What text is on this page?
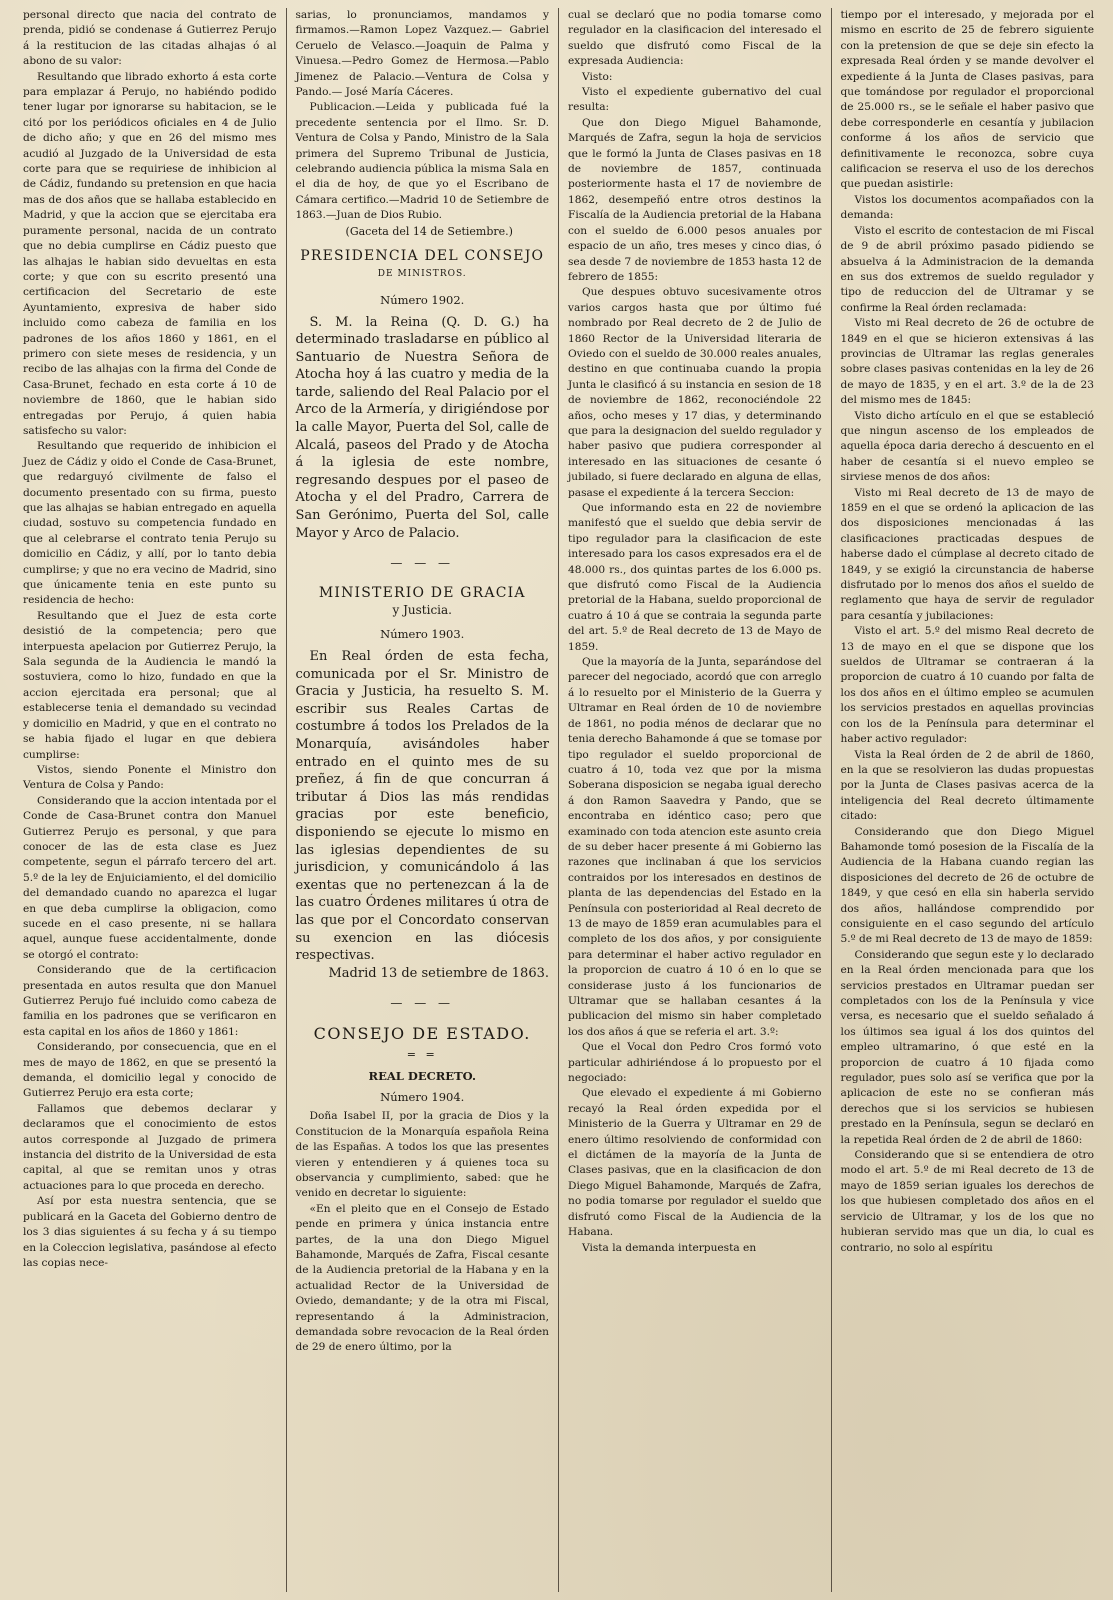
personal directo que nacia del contrato de prenda, pidió se condenase á Gutierrez Perujo á la restitucion de las citadas alhajas ó al abono de su valor:

Resultando que librado exhorto á esta corte para emplazar á Perujo, no habiéndo podido tener lugar por ignorarse su habitacion, se le citó por los periódicos oficiales en 4 de Julio de dicho año; y que en 26 del mismo mes acudió al Juzgado de la Universidad de esta corte para que se requiriese de inhibicion al de Cádiz, fundando su pretension en que hacia mas de dos años que se hallaba establecido en Madrid, y que la accion que se ejercitaba era puramente personal, nacida de un contrato que no debia cumplirse en Cádiz puesto que las alhajas le habian sido devueltas en esta corte; y que con su escrito presentó una certificacion del Secretario de este Ayuntamiento, expresiva de haber sido incluido como cabeza de familia en los padrones de los años 1860 y 1861, en el primero con siete meses de residencia, y un recibo de las alhajas con la firma del Conde de Casa-Brunet, fechado en esta corte á 10 de noviembre de 1860, que le habian sido entregadas por Perujo, á quien habia satisfecho su valor:

Resultando que requerido de inhibicion el Juez de Cádiz y oido el Conde de Casa-Brunet, que redarguyó civilmente de falso el documento presentado con su firma, puesto que las alhajas se habian entregado en aquella ciudad, sostuvo su competencia fundado en que al celebrarse el contrato tenia Perujo su domicilio en Cádiz, y allí, por lo tanto debia cumplirse; y que no era vecino de Madrid, sino que únicamente tenia en este punto su residencia de hecho:

Resultando que el Juez de esta corte desistió de la competencia; pero que interpuesta apelacion por Gutierrez Perujo, la Sala segunda de la Audiencia le mandó la sostuviera, como lo hizo, fundado en que la accion ejercitada era personal; que al establecerse tenia el demandado su vecindad y domicilio en Madrid, y que en el contrato no se habia fijado el lugar en que debiera cumplirse:

Vistos, siendo Ponente el Ministro don Ventura de Colsa y Pando:

Considerando que la accion intentada por el Conde de Casa-Brunet contra don Manuel Gutierrez Perujo es personal, y que para conocer de las de esta clase es Juez competente, segun el párrafo tercero del art. 5.º de la ley de Enjuiciamiento, el del domicilio del demandado cuando no aparezca el lugar en que deba cumplirse la obligacion, como sucede en el caso presente, ni se hallara aquel, aunque fuese accidentalmente, donde se otorgó el contrato:

Considerando que de la certificacion presentada en autos resulta que don Manuel Gutierrez Perujo fué incluido como cabeza de familia en los padrones que se verificaron en esta capital en los años de 1860 y 1861:

Considerando, por consecuencia, que en el mes de mayo de 1862, en que se presentó la demanda, el domicilio legal y conocido de Gutierrez Perujo era esta corte;

Fallamos que debemos declarar y declaramos que el conocimiento de estos autos corresponde al Juzgado de primera instancia del distrito de la Universidad de esta capital, al que se remitan unos y otras actuaciones para lo que proceda en derecho.

Así por esta nuestra sentencia, que se publicará en la Gaceta del Gobierno dentro de los 3 dias siguientes á su fecha y á su tiempo en la Coleccion legislativa, pasándose al efecto las copias nece-

sarias, lo pronunciamos, mandamos y firmamos.—Ramon Lopez Vazquez.— Gabriel Ceruelo de Velasco.—Joaquin de Palma y Vinuesa.—Pedro Gomez de Hermosa.—Pablo Jimenez de Palacio.—Ventura de Colsa y Pando.— José María Cáceres.

Publicacion.—Leida y publicada fué la precedente sentencia por el Ilmo. Sr. D. Ventura de Colsa y Pando, Ministro de la Sala primera del Supremo Tribunal de Justicia, celebrando audiencia pública la misma Sala en el dia de hoy, de que yo el Escribano de Cámara certifico.—Madrid 10 de Setiembre de 1863.—Juan de Dios Rubio.

(Gaceta del 14 de Setiembre.)

PRESIDENCIA DEL CONSEJO
DE MINISTROS.
Número 1902.

S. M. la Reina (Q. D. G.) ha determinado trasladarse en público al Santuario de Nuestra Señora de Atocha hoy á las cuatro y media de la tarde, saliendo del Real Palacio por el Arco de la Armería, y dirigiéndose por la calle Mayor, Puerta del Sol, calle de Alcalá, paseos del Prado y de Atocha á la iglesia de este nombre, regresando despues por el paseo de Atocha y el del Pradro, Carrera de San Gerónimo, Puerta del Sol, calle Mayor y Arco de Palacio.

— — —
MINISTERIO DE GRACIA
y Justicia.
Número 1903.

En Real órden de esta fecha, comunicada por el Sr. Ministro de Gracia y Justicia, ha resuelto S. M. escribir sus Reales Cartas de costumbre á todos los Prelados de la Monarquía, avisándoles haber entrado en el quinto mes de su preñez, á fin de que concurran á tributar á Dios las más rendidas gracias por este beneficio, disponiendo se ejecute lo mismo en las iglesias dependientes de su jurisdicion, y comunicándolo á las exentas que no pertenezcan á la de las cuatro Órdenes militares ú otra de las que por el Concordato conservan su exencion en las diócesis respectivas.

Madrid 13 de setiembre de 1863.

— — —
CONSEJO DE ESTADO.
= =
REAL DECRETO.
Número 1904.

Doña Isabel II, por la gracia de Dios y la Constitucion de la Monarquía española Reina de las Españas. A todos los que las presentes vieren y entendieren y á quienes toca su observancia y cumplimiento, sabed: que he venido en decretar lo siguiente:

«En el pleito que en el Consejo de Estado pende en primera y única instancia entre partes, de la una don Diego Miguel Bahamonde, Marqués de Zafra, Fiscal cesante de la Audiencia pretorial de la Habana y en la actualidad Rector de la Universidad de Oviedo, demandante; y de la otra mi Fiscal, representando á la Administracion, demandada sobre revocacion de la Real órden de 29 de enero último, por la

cual se declaró que no podia tomarse como regulador en la clasificacion del interesado el sueldo que disfrutó como Fiscal de la expresada Audiencia:

Visto:

Visto el expediente gubernativo del cual resulta:

Que don Diego Miguel Bahamonde, Marqués de Zafra, segun la hoja de servicios que le formó la Junta de Clases pasivas en 18 de noviembre de 1857, continuada posteriormente hasta el 17 de noviembre de 1862, desempeñó entre otros destinos la Fiscalía de la Audiencia pretorial de la Habana con el sueldo de 6.000 pesos anuales por espacio de un año, tres meses y cinco dias, ó sea desde 7 de noviembre de 1853 hasta 12 de febrero de 1855:

Que despues obtuvo sucesivamente otros varios cargos hasta que por último fué nombrado por Real decreto de 2 de Julio de 1860 Rector de la Universidad literaria de Oviedo con el sueldo de 30.000 reales anuales, destino en que continuaba cuando la propia Junta le clasificó á su instancia en sesion de 18 de noviembre de 1862, reconociéndole 22 años, ocho meses y 17 dias, y determinando que para la designacion del sueldo regulador y haber pasivo que pudiera corresponder al interesado en las situaciones de cesante ó jubilado, si fuere declarado en alguna de ellas, pasase el expediente á la tercera Seccion:

Que informando esta en 22 de noviembre manifestó que el sueldo que debia servir de tipo regulador para la clasificacion de este interesado para los casos expresados era el de 48.000 rs., dos quintas partes de los 6.000 ps. que disfrutó como Fiscal de la Audiencia pretorial de la Habana, sueldo proporcional de cuatro á 10 á que se contraia la segunda parte del art. 5.º de Real decreto de 13 de Mayo de 1859.

Que la mayoría de la Junta, separándose del parecer del negociado, acordó que con arreglo á lo resuelto por el Ministerio de la Guerra y Ultramar en Real órden de 10 de noviembre de 1861, no podia ménos de declarar que no tenia derecho Bahamonde á que se tomase por tipo regulador el sueldo proporcional de cuatro á 10, toda vez que por la misma Soberana disposicion se negaba igual derecho á don Ramon Saavedra y Pando, que se encontraba en idéntico caso; pero que examinado con toda atencion este asunto creia de su deber hacer presente á mi Gobierno las razones que inclinaban á que los servicios contraidos por los interesados en destinos de planta de las dependencias del Estado en la Península con posterioridad al Real decreto de 13 de mayo de 1859 eran acumulables para el completo de los dos años, y por consiguiente para determinar el haber activo regulador en la proporcion de cuatro á 10 ó en lo que se considerase justo á los funcionarios de Ultramar que se hallaban cesantes á la publicacion del mismo sin haber completado los dos años á que se referia el art. 3.º:

Que el Vocal don Pedro Cros formó voto particular adhiriéndose á lo propuesto por el negociado:

Que elevado el expediente á mi Gobierno recayó la Real órden expedida por el Ministerio de la Guerra y Ultramar en 29 de enero último resolviendo de conformidad con el dictámen de la mayoría de la Junta de Clases pasivas, que en la clasificacion de don Diego Miguel Bahamonde, Marqués de Zafra, no podia tomarse por regulador el sueldo que disfrutó como Fiscal de la Audiencia de la Habana.

Vista la demanda interpuesta en

tiempo por el interesado, y mejorada por el mismo en escrito de 25 de febrero siguiente con la pretension de que se deje sin efecto la expresada Real órden y se mande devolver el expediente á la Junta de Clases pasivas, para que tomándose por regulador el proporcional de 25.000 rs., se le señale el haber pasivo que debe corresponderle en cesantía y jubilacion conforme á los años de servicio que definitivamente le reconozca, sobre cuya calificacion se reserva el uso de los derechos que puedan asistirle:

Vistos los documentos acompañados con la demanda:

Visto el escrito de contestacion de mi Fiscal de 9 de abril próximo pasado pidiendo se absuelva á la Administracion de la demanda en sus dos extremos de sueldo regulador y tipo de reduccion del de Ultramar y se confirme la Real órden reclamada:

Visto mi Real decreto de 26 de octubre de 1849 en el que se hicieron extensivas á las provincias de Ultramar las reglas generales sobre clases pasivas contenidas en la ley de 26 de mayo de 1835, y en el art. 3.º de la de 23 del mismo mes de 1845:

Visto dicho artículo en el que se estableció que ningun ascenso de los empleados de aquella época daria derecho á descuento en el haber de cesantía si el nuevo empleo se sirviese menos de dos años:

Visto mi Real decreto de 13 de mayo de 1859 en el que se ordenó la aplicacion de las dos disposiciones mencionadas á las clasificaciones practicadas despues de haberse dado el cúmplase al decreto citado de 1849, y se exigió la circunstancia de haberse disfrutado por lo menos dos años el sueldo de reglamento que haya de servir de regulador para cesantía y jubilaciones:

Visto el art. 5.º del mismo Real decreto de 13 de mayo en el que se dispone que los sueldos de Ultramar se contraeran á la proporcion de cuatro á 10 cuando por falta de los dos años en el último empleo se acumulen los servicios prestados en aquellas provincias con los de la Península para determinar el haber activo regulador:

Vista la Real órden de 2 de abril de 1860, en la que se resolvieron las dudas propuestas por la Junta de Clases pasivas acerca de la inteligencia del Real decreto últimamente citado:

Considerando que don Diego Miguel Bahamonde tomó posesion de la Fiscalía de la Audiencia de la Habana cuando regian las disposiciones del decreto de 26 de octubre de 1849, y que cesó en ella sin haberla servido dos años, hallándose comprendido por consiguiente en el caso segundo del artículo 5.º de mi Real decreto de 13 de mayo de 1859:

Considerando que segun este y lo declarado en la Real órden mencionada para que los servicios prestados en Ultramar puedan ser completados con los de la Península y vice versa, es necesario que el sueldo señalado á los últimos sea igual á los dos quintos del empleo ultramarino, ó que esté en la proporcion de cuatro á 10 fijada como regulador, pues solo así se verifica que por la aplicacion de este no se confieran más derechos que si los servicios se hubiesen prestado en la Península, segun se declaró en la repetida Real órden de 2 de abril de 1860:

Considerando que si se entendiera de otro modo el art. 5.º de mi Real decreto de 13 de mayo de 1859 serian iguales los derechos de los que hubiesen completado dos años en el servicio de Ultramar, y los de los que no hubieran servido mas que un dia, lo cual es contrario, no solo al espíritu
